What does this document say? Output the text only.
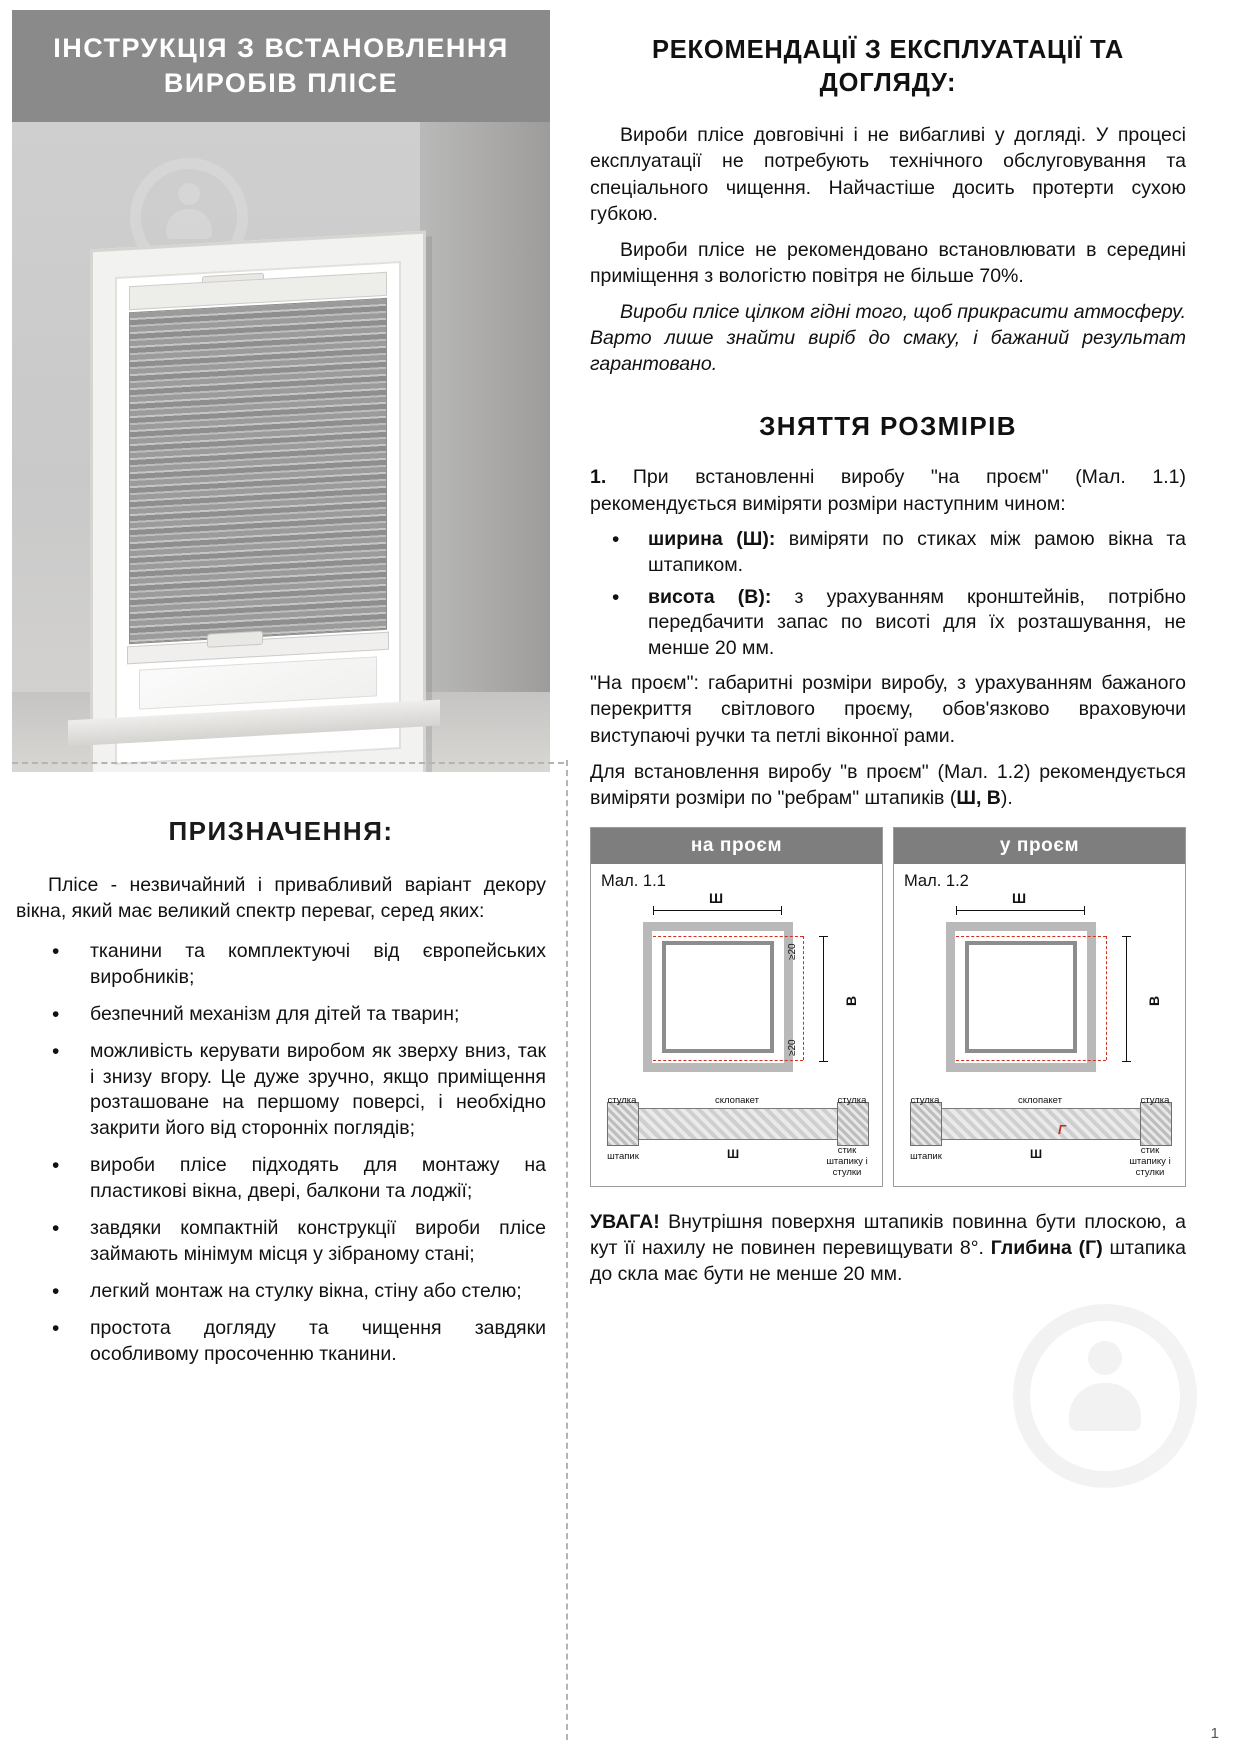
ІНСТРУКЦІЯ З ВСТАНОВЛЕННЯ ВИРОБІВ ПЛІСЕ
ПРИЗНАЧЕННЯ:

Плісе - незвичайний і привабливий варіант декору вікна, який має великий спектр переваг, серед яких:

• тканини та комплектуючі від європейських виробників;
• безпечний механізм для дітей та тварин;
• можливість керувати виробом як зверху вниз, так і знизу вгору. Це дуже зручно, якщо приміщення розташоване на першому поверсі, і необхідно закрити його від сторонніх поглядів;
• вироби плісе підходять для монтажу на пластикові вікна, двері, балкони та лоджії;
• завдяки компактній конструкції вироби плісе займають мінімум місця у зібраному стані;
• легкий монтаж на стулку вікна, стіну або стелю;
• простота догляду та чищення завдяки особливому просоченню тканини.
РЕКОМЕНДАЦІЇ З ЕКСПЛУАТАЦІЇ ТА ДОГЛЯДУ:

Вироби плісе довговічні і не вибагливі у догляді. У процесі експлуатації не потребують технічного обслуговування та спеціального чищення. Найчастіше досить протерти сухою губкою.

Вироби плісе не рекомендовано встановлювати в середині приміщення з вологістю повітря не більше 70%.

Вироби плісе цілком гідні того, щоб прикрасити атмосферу. Варто лише знайти виріб до смаку, і бажаний результат гарантовано.

ЗНЯТТЯ РОЗМІРІВ

1. При встановленні виробу "на проєм" (Мал. 1.1) рекомендується виміряти розміри наступним чином:

• ширина (Ш): виміряти по стиках між рамою вікна та штапиком.
• висота (В): з урахуванням кронштейнів, потрібно передбачити запас по висоті для їх розташування, не менше 20 мм.

"На проєм": габаритні розміри виробу, з урахуванням бажаного перекриття світлового проєму, обов'язково враховуючи виступаючі ручки та петлі віконної рами.

Для встановлення виробу "в проєм" (Мал. 1.2) рекомендується виміряти розміри по "ребрам" штапиків (Ш, В).

на проєм
Мал. 1.1
Ш
В
≥20
≥20
стулка	склопакет	стулка
штапик	Ш	стик штапику і стулки
у проєм
Мал. 1.2
Ш
В
стулка	склопакет	стулка
Г
штапик	Ш	стик штапику і стулки

УВАГА! Внутрішня поверхня штапиків повинна бути плоскою, а кут її нахилу не повинен перевищувати 8°. Глибина (Г) штапика до скла має бути не менше 20 мм.

1
